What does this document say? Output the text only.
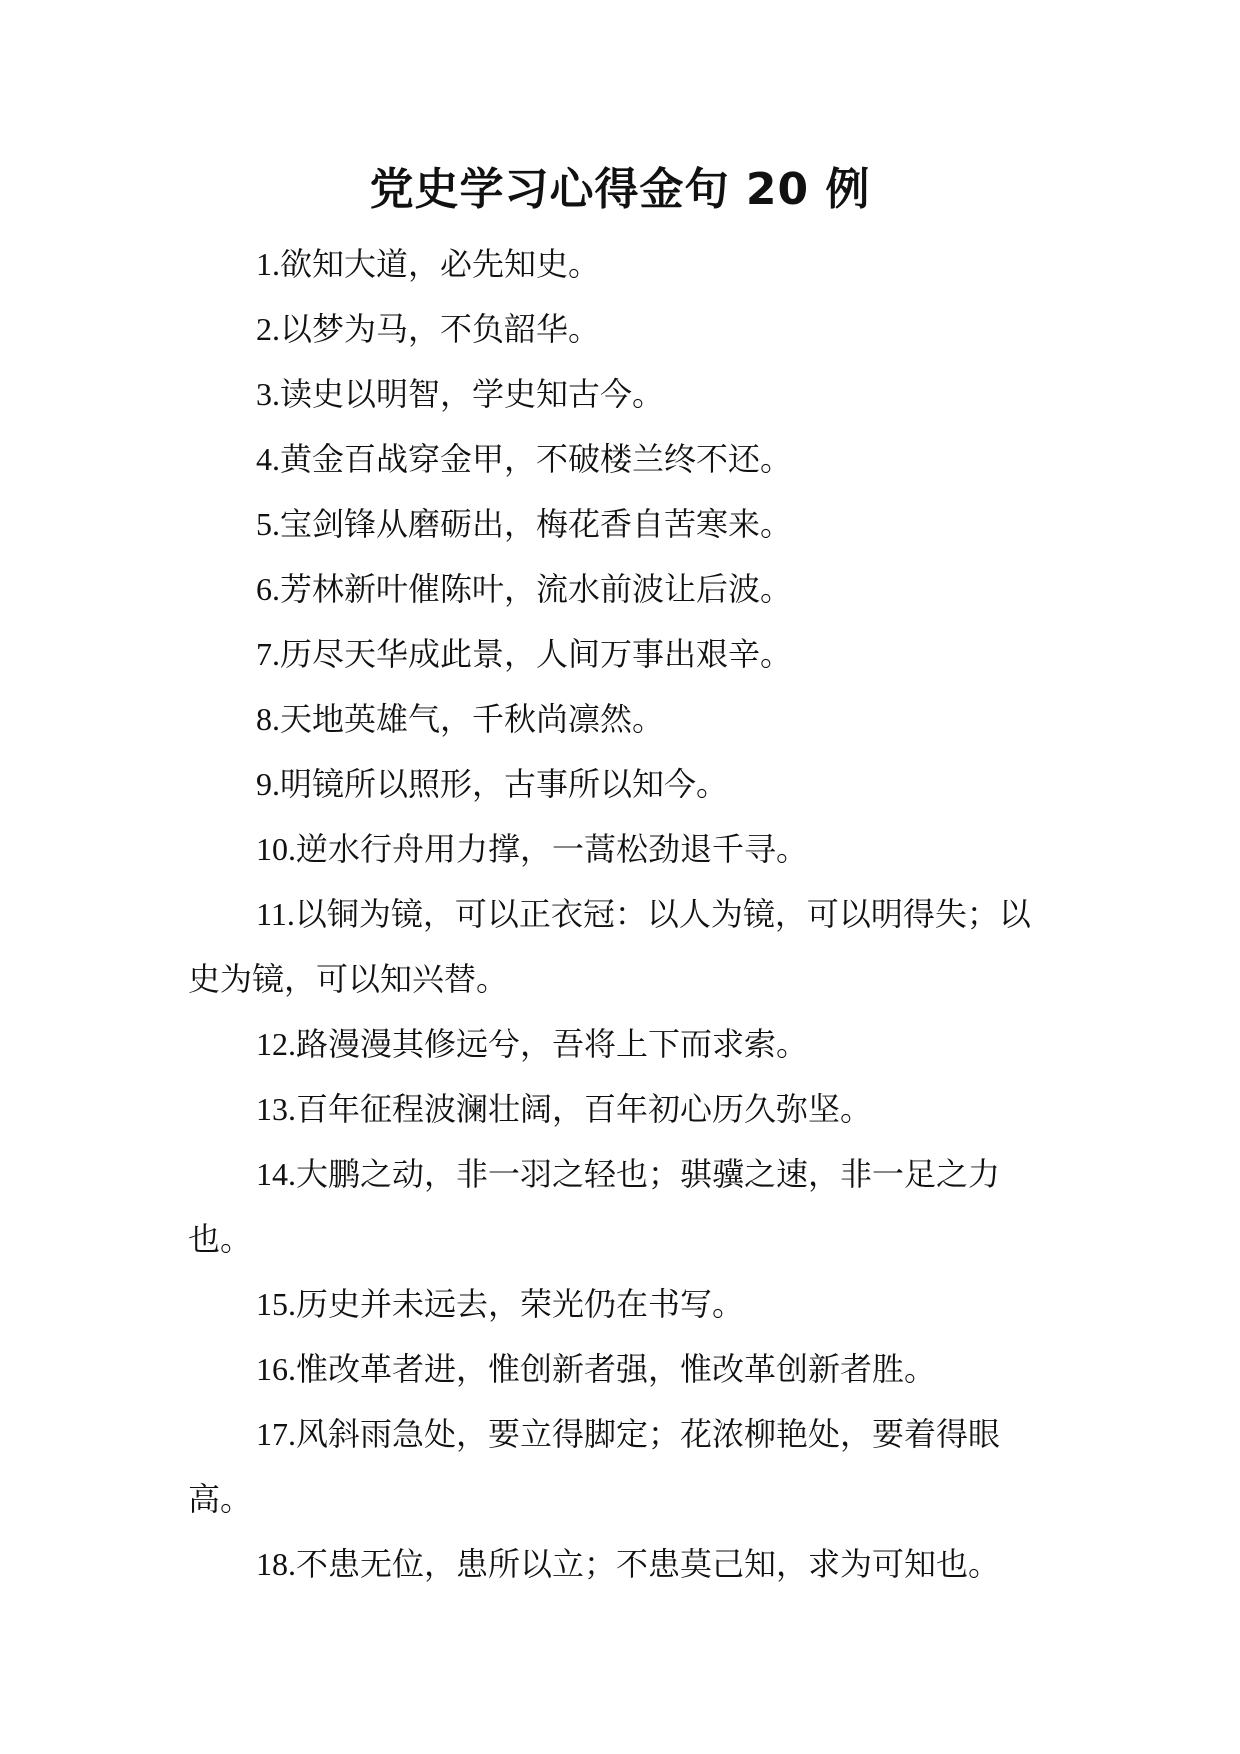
党史学习心得金句 20 例

1.欲知大道，必先知史。

2.以梦为马，不负韶华。

3.读史以明智，学史知古今。

4.黄金百战穿金甲，不破楼兰终不还。

5.宝剑锋从磨砺出，梅花香自苦寒来。

6.芳林新叶催陈叶，流水前波让后波。

7.历尽天华成此景，人间万事出艰辛。

8.天地英雄气，千秋尚凛然。

9.明镜所以照形，古事所以知今。

10.逆水行舟用力撑，一蒿松劲退千寻。

11.以铜为镜，可以正衣冠：以人为镜，可以明得失；以史为镜，可以知兴替。

12.路漫漫其修远兮，吾将上下而求索。

13.百年征程波澜壮阔，百年初心历久弥坚。

14.大鹏之动，非一羽之轻也；骐骥之速，非一足之力也。

15.历史并未远去，荣光仍在书写。

16.惟改革者进，惟创新者强，惟改革创新者胜。

17.风斜雨急处，要立得脚定；花浓柳艳处，要着得眼高。

18.不患无位，患所以立；不患莫己知，求为可知也。
